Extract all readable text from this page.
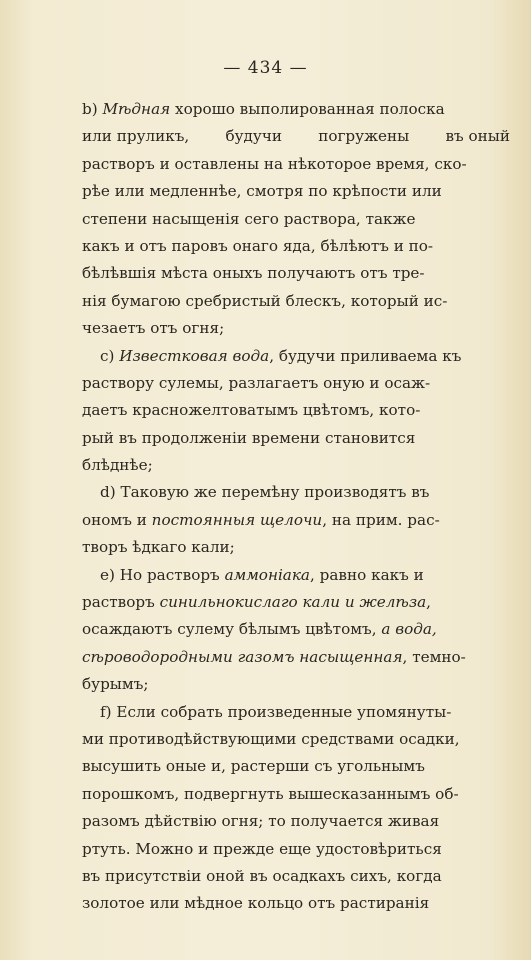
— 434 —
b) Мѣдная хорошо выполированная полоска
или пруликъ, будучи погружены въ оный
растворъ и оставлены на нѣкоторое время, ско-
рѣе или медленнѣе, смотря по крѣпости или
степени насыщенія сего раствора, также
какъ и отъ паровъ онаго яда, бѣлѣютъ и по-
бѣлѣвшія мѣста оныхъ получаютъ отъ тре-
нія бумагою сребристый блескъ, который ис-
чезаетъ отъ огня;
c) Известковая вода , будучи приливаема къ
раствору сулемы, разлагаетъ оную и осаж-
даетъ красножелтоватымъ цвѣтомъ, кото-
рый въ продолженіи времени становится
блѣднѣе;
d) Таковую же перемѣну производятъ въ
ономъ и постоянныя щелочи , на прим. рас-
творъ ѣдкаго кали;
e) Но растворъ аммоніака , равно какъ и
растворъ синильнокислаго кали и желѣза ,
осаждаютъ сулему бѣлымъ цвѣтомъ, а вода,
сѣроводородными газомъ насыщенная , темно-
бурымъ;
f) Если собрать произведенные упомянуты-
ми противодѣйствующими средствами осадки,
высушить оные и, растерши съ угольнымъ
порошкомъ, подвергнуть вышесказаннымъ об-
разомъ дѣйствію огня; то получается живая
ртуть. Можно и прежде еще удостовѣриться
въ присутствіи оной въ осадкахъ сихъ, когда
золотое или мѣдное кольцо отъ растиранія
